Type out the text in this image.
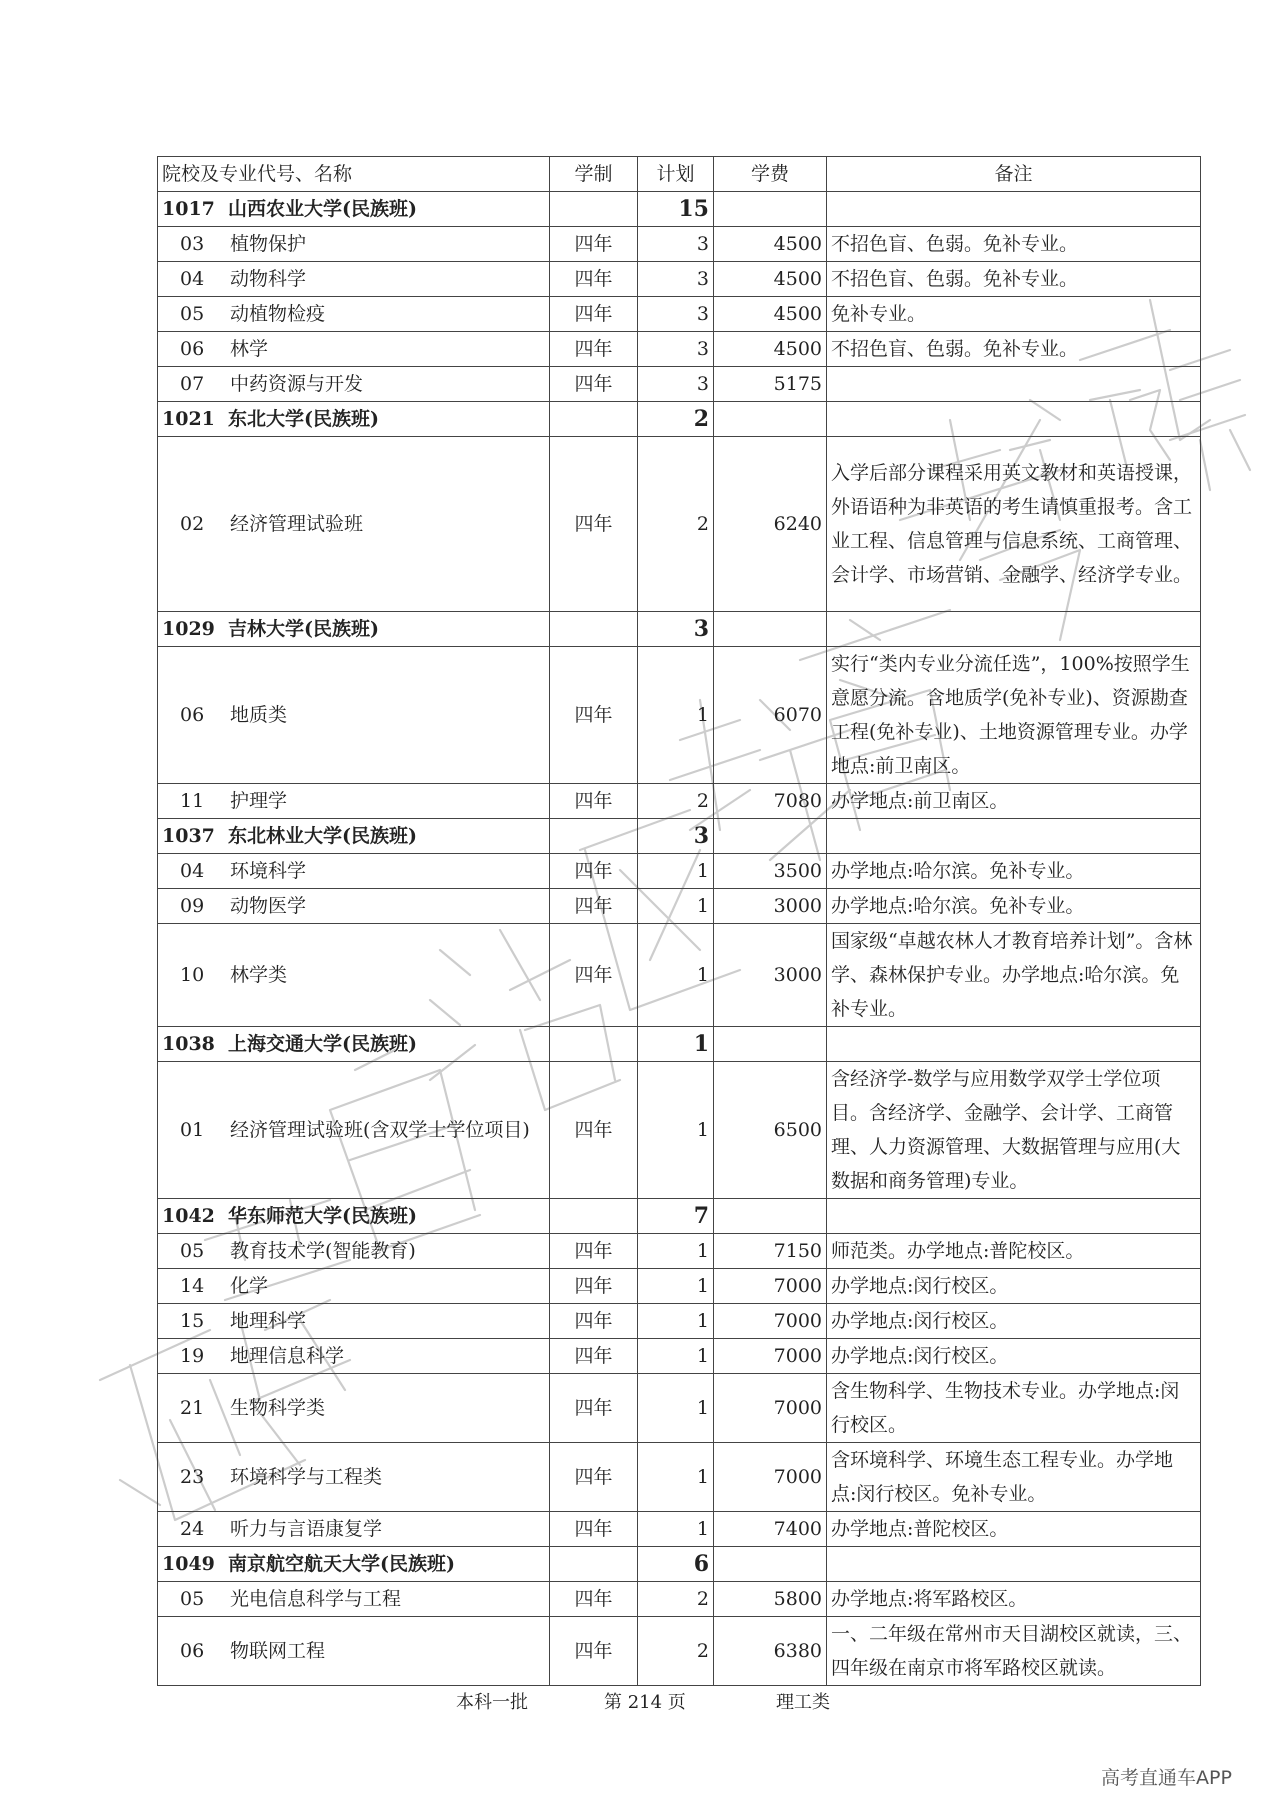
院校及专业代号、名称	学制	计划	学费	备注
1017 山西农业大学(民族班)		15		
03 植物保护	四年	3	4500	不招色盲、色弱。免补专业。
04 动物科学	四年	3	4500	不招色盲、色弱。免补专业。
05 动植物检疫	四年	3	4500	免补专业。
06 林学	四年	3	4500	不招色盲、色弱。免补专业。
07 中药资源与开发	四年	3	5175	
1021 东北大学(民族班)		2		
02 经济管理试验班	四年	2	6240	入学后部分课程采用英文教材和英语授课，外语语种为非英语的考生请慎重报考。含工业工程、信息管理与信息系统、工商管理、会计学、市场营销、金融学、经济学专业。
1029 吉林大学(民族班)		3		
06 地质类	四年	1	6070	实行“类内专业分流任选”，100%按照学生意愿分流。含地质学(免补专业)、资源勘查工程(免补专业)、土地资源管理专业。办学地点:前卫南区。
11 护理学	四年	2	7080	办学地点:前卫南区。
1037 东北林业大学(民族班)		3		
04 环境科学	四年	1	3500	办学地点:哈尔滨。免补专业。
09 动物医学	四年	1	3000	办学地点:哈尔滨。免补专业。
10 林学类	四年	1	3000	国家级“卓越农林人才教育培养计划”。含林学、森林保护专业。办学地点:哈尔滨。免补专业。
1038 上海交通大学(民族班)		1		
01 经济管理试验班(含双学士学位项目)	四年	1	6500	含经济学-数学与应用数学双学士学位项目。含经济学、金融学、会计学、工商管理、人力资源管理、大数据管理与应用(大数据和商务管理)专业。
1042 华东师范大学(民族班)		7		
05 教育技术学(智能教育)	四年	1	7150	师范类。办学地点:普陀校区。
14 化学	四年	1	7000	办学地点:闵行校区。
15 地理科学	四年	1	7000	办学地点:闵行校区。
19 地理信息科学	四年	1	7000	办学地点:闵行校区。
21 生物科学类	四年	1	7000	含生物科学、生物技术专业。办学地点:闵行校区。
23 环境科学与工程类	四年	1	7000	含环境科学、环境生态工程专业。办学地点:闵行校区。免补专业。
24 听力与言语康复学	四年	1	7400	办学地点:普陀校区。
1049 南京航空航天大学(民族班)		6		
05 光电信息科学与工程	四年	2	5800	办学地点:将军路校区。
06 物联网工程	四年	2	6380	一、二年级在常州市天目湖校区就读，三、四年级在南京市将军路校区就读。
本科一批	第 214 页	理工类
高考直通车APP
